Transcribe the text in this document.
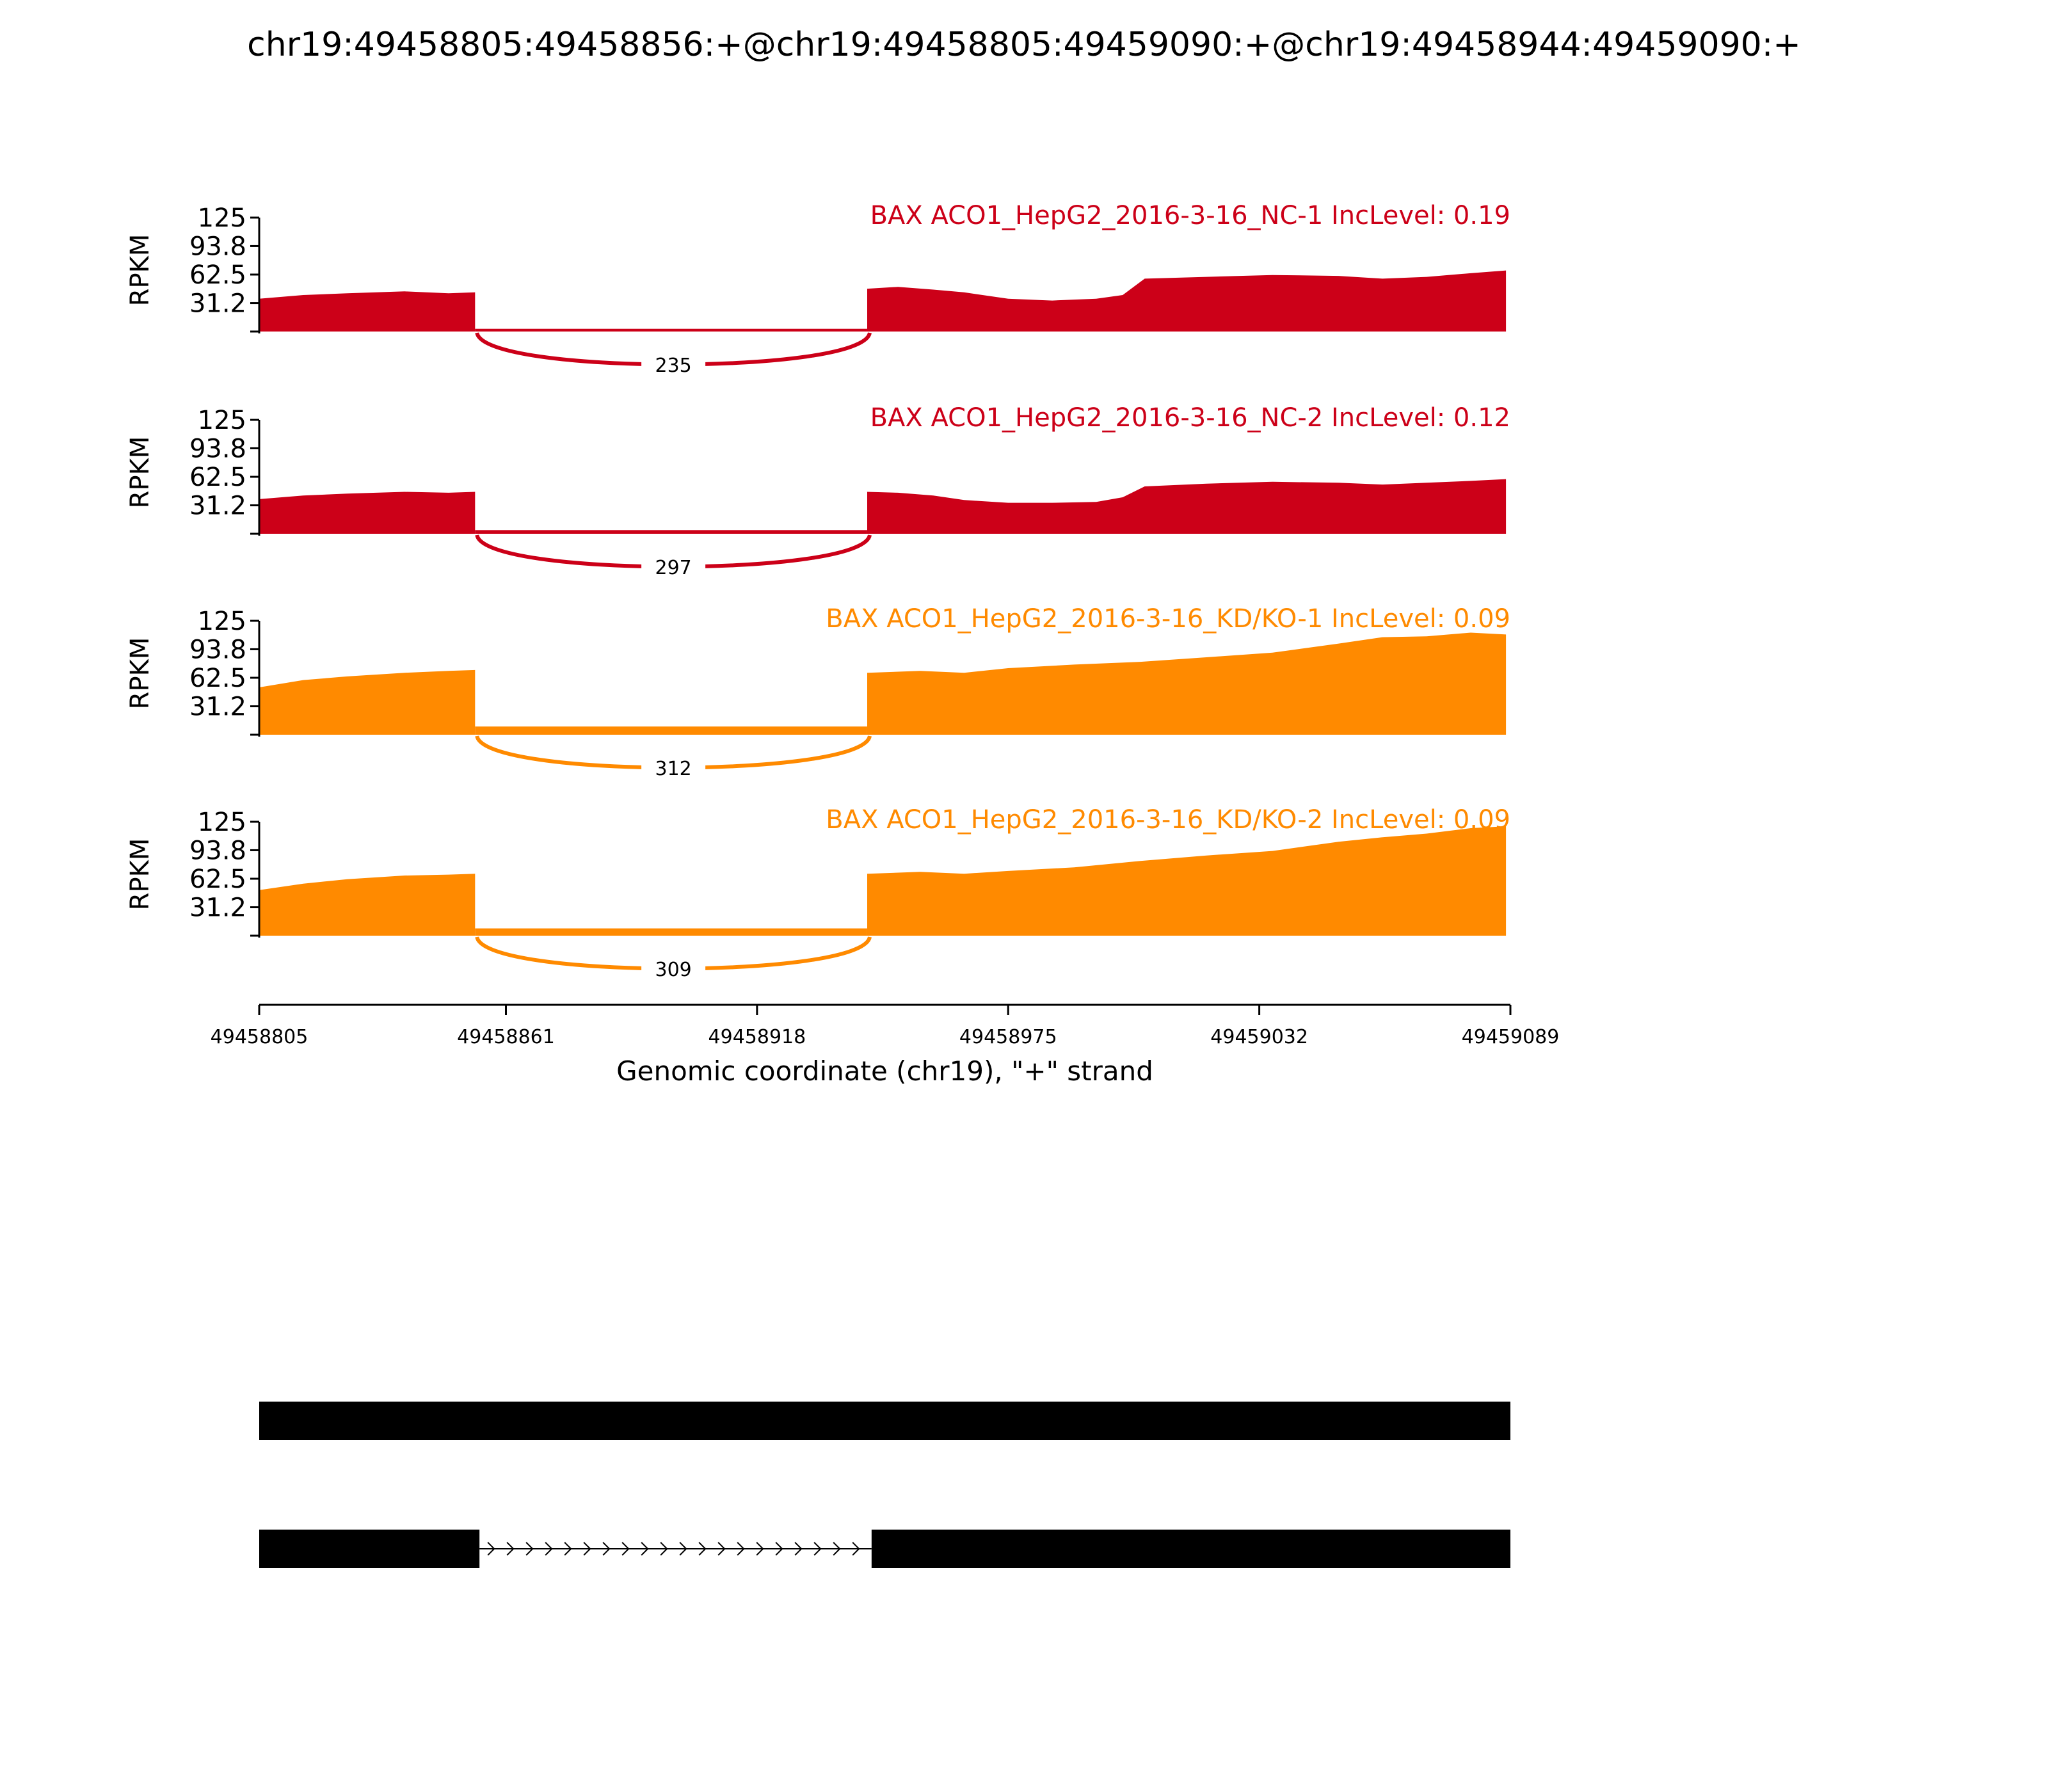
chr19:49458805:49458856:+@chr19:49458805:49459090:+@chr19:49458944:49459090:+
235
31.2
62.5
93.8
125
RPKM
BAX ACO1_HepG2_2016-3-16_NC-1 IncLevel: 0.19
297
31.2
62.5
93.8
125
RPKM
BAX ACO1_HepG2_2016-3-16_NC-2 IncLevel: 0.12
312
31.2
62.5
93.8
125
RPKM
BAX ACO1_HepG2_2016-3-16_KD/KO-1 IncLevel: 0.09
309
31.2
62.5
93.8
125
RPKM
BAX ACO1_HepG2_2016-3-16_KD/KO-2 IncLevel: 0.09
49458805	49458861	49458918	49458975	49459032	49459089
Genomic coordinate (chr19), "+" strand
